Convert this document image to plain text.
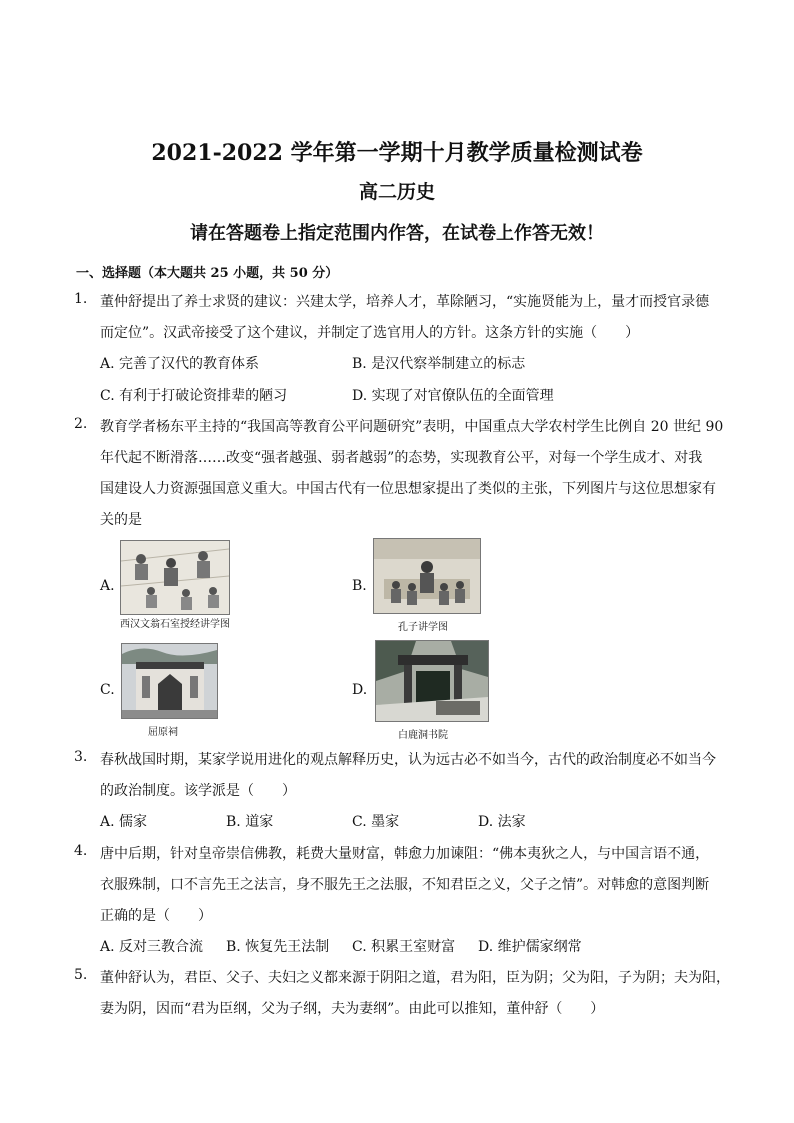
2021-2022 学年第一学期十月教学质量检测试卷
高二历史
请在答题卷上指定范围内作答，在试卷上作答无效！
一、选择题（本大题共 25 小题，共 50 分）
1. 董仲舒提出了养士求贤的建议：兴建太学，培养人才，革除陋习，“实施贤能为上，量才而授官录德
而定位”。汉武帝接受了这个建议，并制定了选官用人的方针。这条方针的实施（　　）
A. 完善了汉代的教育体系	B. 是汉代察举制建立的标志
C. 有利于打破论资排辈的陋习	D. 实现了对官僚队伍的全面管理
2. 教育学者杨东平主持的“我国高等教育公平问题研究”表明，中国重点大学农村学生比例自 20 世纪 90
年代起不断滑落……改变“强者越强、弱者越弱”的态势，实现教育公平，对每一个学生成才、对我
国建设人力资源强国意义重大。中国古代有一位思想家提出了类似的主张，下列图片与这位思想家有
关的是
A.
西汉文翁石室授经讲学图
B.
孔子讲学图
C.
屈原祠
D.
白鹿洞书院
3. 春秋战国时期，某家学说用进化的观点解释历史，认为远古必不如当今，古代的政治制度必不如当今
的政治制度。该学派是（　　）
A. 儒家	B. 道家	C. 墨家	D. 法家
4. 唐中后期，针对皇帝崇信佛教，耗费大量财富，韩愈力加谏阻：“佛本夷狄之人，与中国言语不通，
衣服殊制，口不言先王之法言，身不服先王之法服，不知君臣之义，父子之情”。对韩愈的意图判断
正确的是（　　）
A. 反对三教合流 B. 恢复先王法制 C. 积累王室财富 D. 维护儒家纲常
5. 董仲舒认为，君臣、父子、夫妇之义都来源于阴阳之道，君为阳，臣为阴；父为阳，子为阴；夫为阳，
妻为阴，因而“君为臣纲，父为子纲，夫为妻纲”。由此可以推知，董仲舒（　　）
